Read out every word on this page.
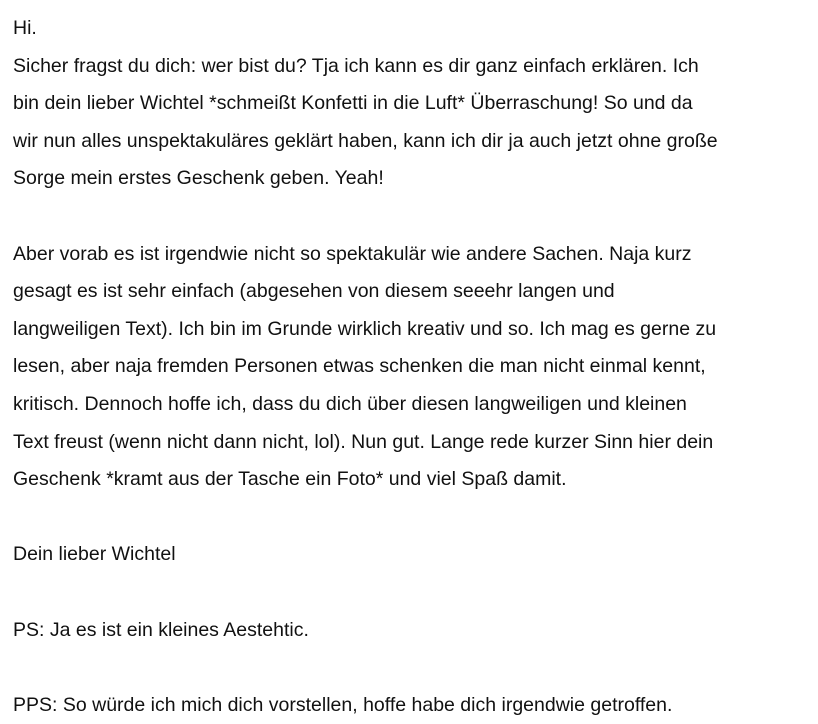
Hi.

Sicher fragst du dich: wer bist du? Tja ich kann es dir ganz einfach erklären. Ich
bin dein lieber Wichtel *schmeißt Konfetti in die Luft* Überraschung! So und da
wir nun alles unspektakuläres geklärt haben, kann ich dir ja auch jetzt ohne große
Sorge mein erstes Geschenk geben. Yeah!

Aber vorab es ist irgendwie nicht so spektakulär wie andere Sachen. Naja kurz
gesagt es ist sehr einfach (abgesehen von diesem seeehr langen und
langweiligen Text). Ich bin im Grunde wirklich kreativ und so. Ich mag es gerne zu
lesen, aber naja fremden Personen etwas schenken die man nicht einmal kennt,
kritisch. Dennoch hoffe ich, dass du dich über diesen langweiligen und kleinen
Text freust (wenn nicht dann nicht, lol). Nun gut. Lange rede kurzer Sinn hier dein
Geschenk *kramt aus der Tasche ein Foto* und viel Spaß damit.

Dein lieber Wichtel

PS: Ja es ist ein kleines Aestehtic.

PPS: So würde ich mich dich vorstellen, hoffe habe dich irgendwie getroffen.
